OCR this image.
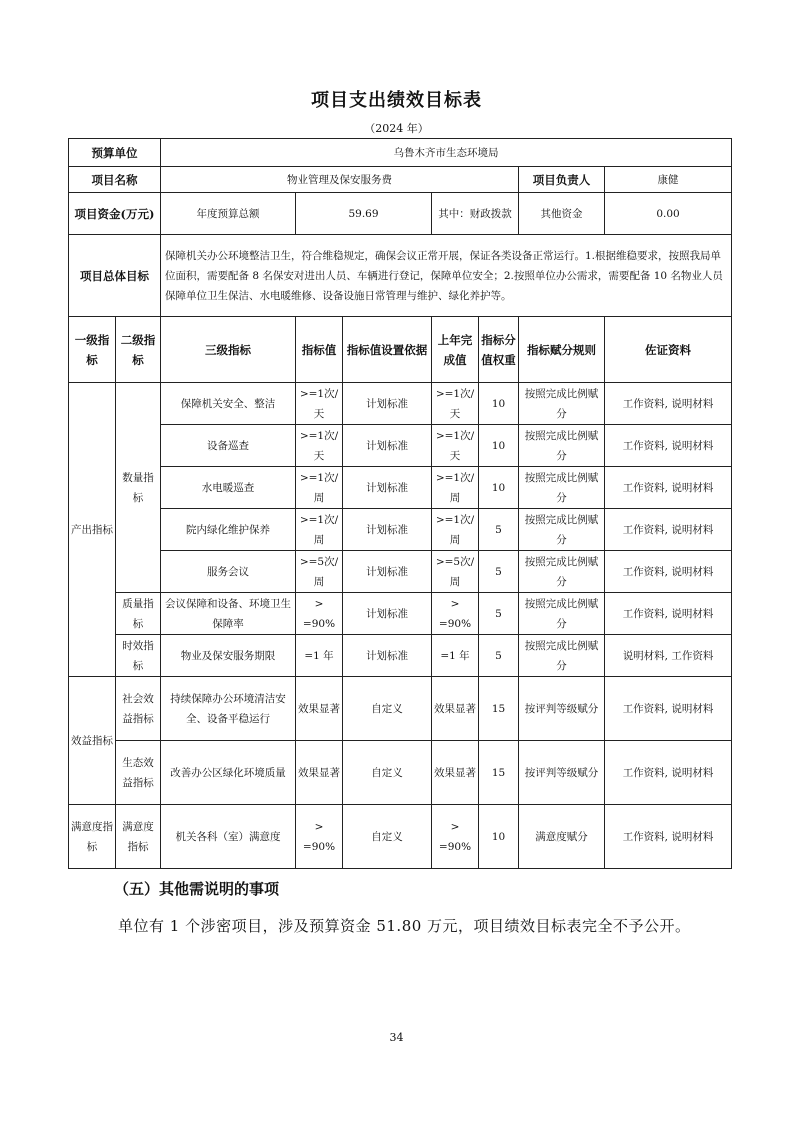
项目支出绩效目标表
（2024 年）
预算单位		乌鲁木齐市生态环境局						
项目名称		物业管理及保安服务费					项目负责人	康健
项目资金(万元)		年度预算总额	59.69		其中：财政拨款		其他资金	0.00
项目总体目标		保障机关办公环境整洁卫生，符合维稳规定，确保会议正常开展，保证各类设备正常运行。1.根据维稳要求，按照我局单位面积，需要配备 8 名保安对进出人员、车辆进行登记，保障单位安全；2.按照单位办公需求，需要配备 10 名物业人员保障单位卫生保洁、水电暖维修、设备设施日常管理与维护、绿化养护等。						
一级指标	二级指标	三级指标	指标值	指标值设置依据	上年完成值	指标分值权重	指标赋分规则	佐证资料
产出指标	数量指标	保障机关安全、整洁	>=1次/天	计划标准	>=1次/天	10	按照完成比例赋分	工作资料, 说明材料
		设备巡查	>=1次/天	计划标准	>=1次/天	10	按照完成比例赋分	工作资料, 说明材料
		水电暖巡查	>=1次/周	计划标准	>=1次/周	10	按照完成比例赋分	工作资料, 说明材料
		院内绿化维护保养	>=1次/周	计划标准	>=1次/周	5	按照完成比例赋分	工作资料, 说明材料
		服务会议	>=5次/周	计划标准	>=5次/周	5	按照完成比例赋分	工作资料, 说明材料
	质量指标	会议保障和设备、环境卫生保障率	> =90%	计划标准	> =90%	5	按照完成比例赋分	工作资料, 说明材料
	时效指标	物业及保安服务期限	=1 年	计划标准	=1 年	5	按照完成比例赋分	说明材料, 工作资料
效益指标	社会效益指标	持续保障办公环境清洁安全、设备平稳运行	效果显著	自定义	效果显著	15	按评判等级赋分	工作资料, 说明材料
	生态效益指标	改善办公区绿化环境质量	效果显著	自定义	效果显著	15	按评判等级赋分	工作资料, 说明材料
满意度指标	满意度指标	机关各科（室）满意度	> =90%	自定义	> =90%	10	满意度赋分	工作资料, 说明材料
（五）其他需说明的事项

单位有 1 个涉密项目，涉及预算资金 51.80 万元，项目绩效目标表完全不予公开。

34
